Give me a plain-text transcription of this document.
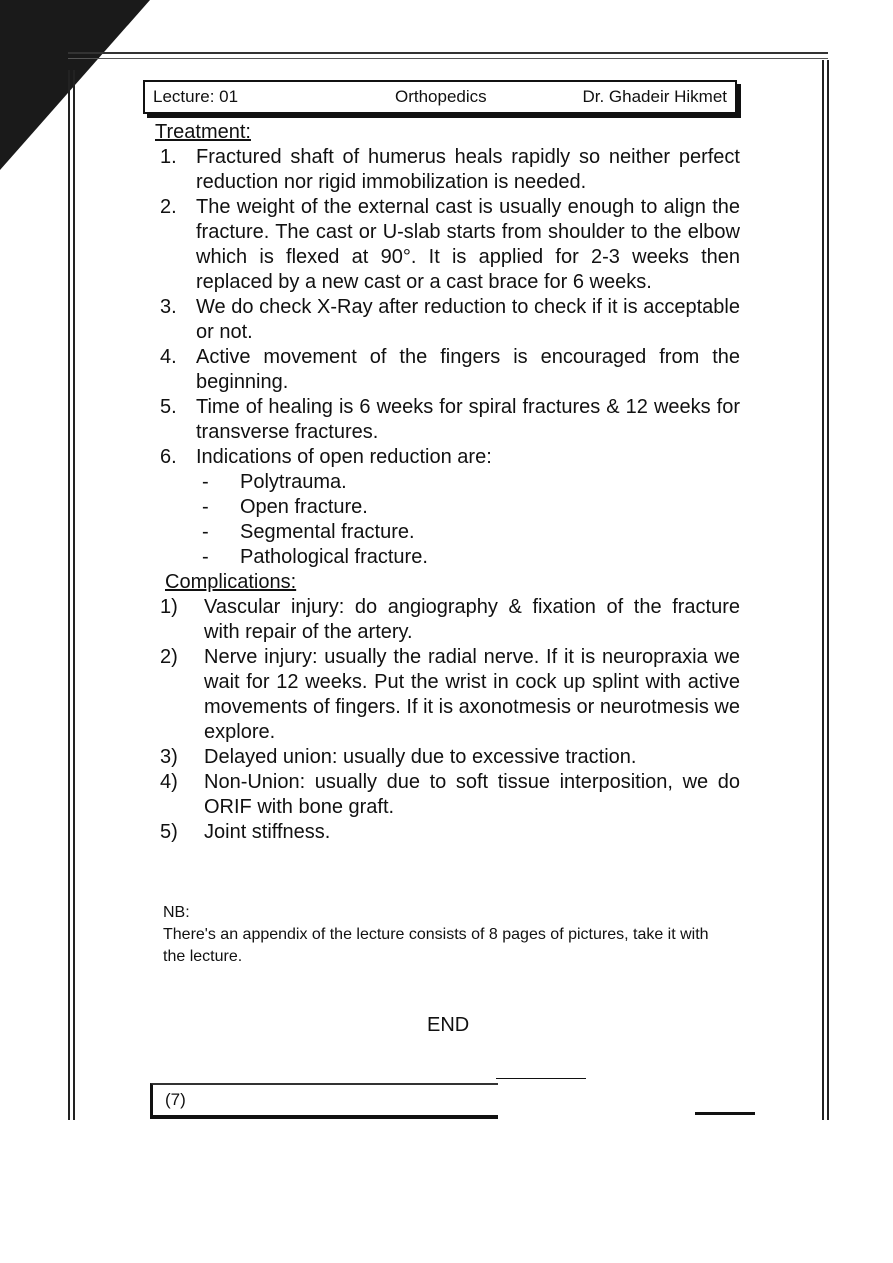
Lecture: 01	Orthopedics	Dr. Ghadeir Hikmet
Treatment:
1. Fractured shaft of humerus heals rapidly so neither perfect reduction nor rigid immobilization is needed.
2. The weight of the external cast is usually enough to align the fracture. The cast or U-slab starts from shoulder to the elbow which is flexed at 90°. It is applied for 2-3 weeks then replaced by a new cast or a cast brace for 6 weeks.
3. We do check X-Ray after reduction to check if it is acceptable or not.
4. Active movement of the fingers is encouraged from the beginning.
5. Time of healing is 6 weeks for spiral fractures & 12 weeks for transverse fractures.
6. Indications of open reduction are:
-	Polytrauma.
-	Open fracture.
-	Segmental fracture.
-	Pathological fracture.
Complications:
1)	Vascular injury: do angiography & fixation of the fracture with repair of the artery.
2)	Nerve injury: usually the radial nerve. If it is neuropraxia we wait for 12 weeks. Put the wrist in cock up splint with active movements of fingers. If it is axonotmesis or neurotmesis we explore.
3)	Delayed union: usually due to excessive traction.
4)	Non-Union: usually due to soft tissue interposition, we do ORIF with bone graft.
5)	Joint stiffness.
NB:
There's an appendix of the lecture consists of 8 pages of pictures, take it with the lecture.
END
(7)
